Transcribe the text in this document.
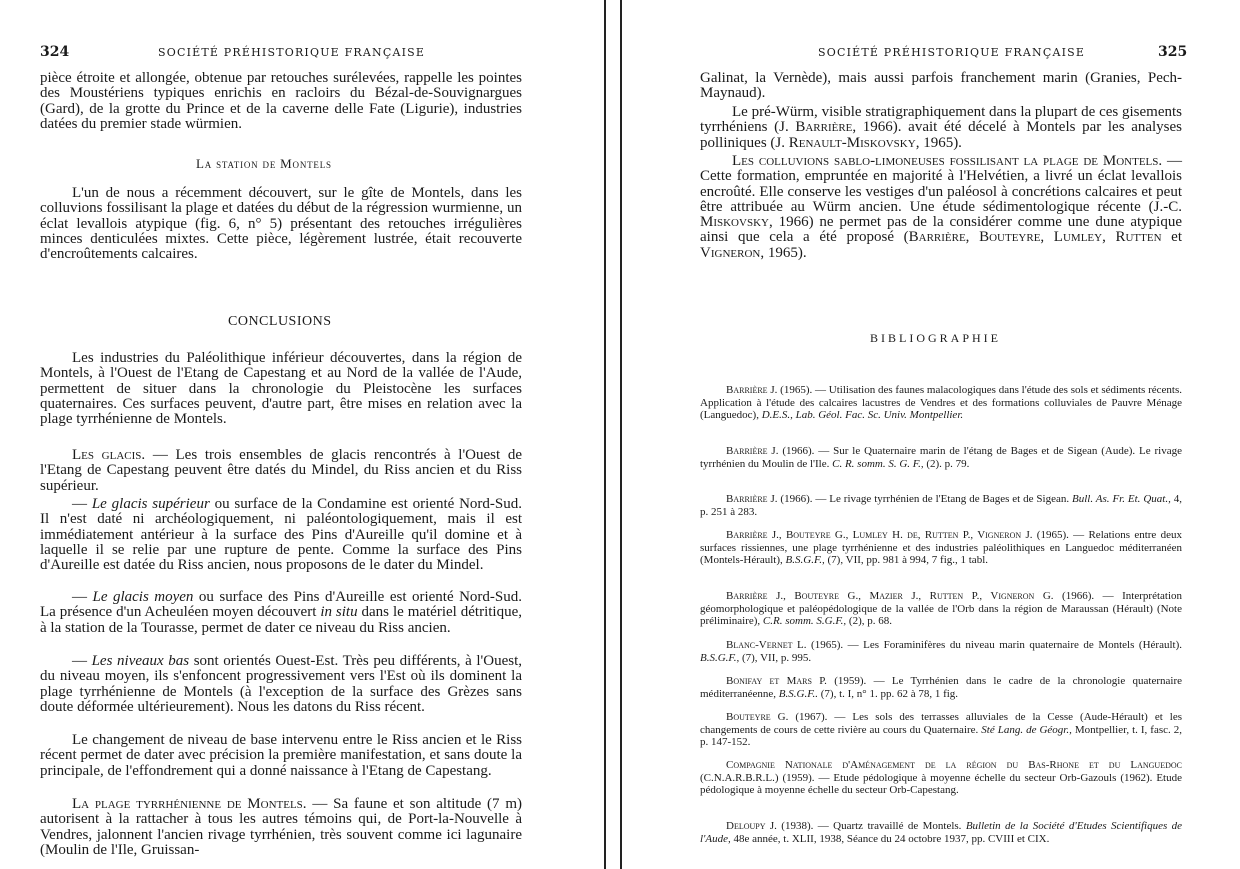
324	SOCIÉTÉ PRÉHISTORIQUE FRANÇAISE

pièce étroite et allongée, obtenue par retouches surélevées, rappelle les pointes des Moustériens typiques enrichis en racloirs du Bézal-de-Souvignargues (Gard), de la grotte du Prince et de la caverne delle Fate (Ligurie), industries datées du premier stade würmien.

La station de Montels

L'un de nous a récemment découvert, sur le gîte de Montels, dans les colluvions fossilisant la plage et datées du début de la régression wurmienne, un éclat levallois atypique (fig. 6, n° 5) présentant des retouches irrégulières minces denticulées mixtes. Cette pièce, légèrement lustrée, était recouverte d'encroûtements calcaires.

CONCLUSIONS

Les industries du Paléolithique inférieur découvertes, dans la région de Montels, à l'Ouest de l'Etang de Capestang et au Nord de la vallée de l'Aude, permettent de situer dans la chronologie du Pleistocène les surfaces quaternaires. Ces surfaces peuvent, d'autre part, être mises en relation avec la plage tyrrhénienne de Montels.

Les glacis. — Les trois ensembles de glacis rencontrés à l'Ouest de l'Etang de Capestang peuvent être datés du Mindel, du Riss ancien et du Riss supérieur.

— Le glacis supérieur ou surface de la Condamine est orienté Nord-Sud. Il n'est daté ni archéologiquement, ni paléontologiquement, mais il est immédiatement antérieur à la surface des Pins d'Aureille qu'il domine et à laquelle il se relie par une rupture de pente. Comme la surface des Pins d'Aureille est datée du Riss ancien, nous proposons de le dater du Mindel.

— Le glacis moyen ou surface des Pins d'Aureille est orienté Nord-Sud. La présence d'un Acheuléen moyen découvert in situ dans le matériel détritique, à la station de la Tourasse, permet de dater ce niveau du Riss ancien.

— Les niveaux bas sont orientés Ouest-Est. Très peu différents, à l'Ouest, du niveau moyen, ils s'enfoncent progressivement vers l'Est où ils dominent la plage tyrrhénienne de Montels (à l'exception de la surface des Grèzes sans doute déformée ultérieurement). Nous les datons du Riss récent.

Le changement de niveau de base intervenu entre le Riss ancien et le Riss récent permet de dater avec précision la première manifestation, et sans doute la principale, de l'effondrement qui a donné naissance à l'Etang de Capestang.

La plage tyrrhénienne de Montels. — Sa faune et son altitude (7 m) autorisent à la rattacher à tous les autres témoins qui, de Port-la-Nouvelle à Vendres, jalonnent l'ancien rivage tyrrhénien, très souvent comme ici lagunaire (Moulin de l'Ile, Gruissan-

SOCIÉTÉ PRÉHISTORIQUE FRANÇAISE	325

Galinat, la Vernède), mais aussi parfois franchement marin (Granies, Pech-Maynaud).

Le pré-Würm, visible stratigraphiquement dans la plupart de ces gisements tyrrhéniens (J. Barrière, 1966). avait été décelé à Montels par les analyses polliniques (J. Renault-Miskovsky, 1965).

Les colluvions sablo-limoneuses fossilisant la plage de Montels. — Cette formation, empruntée en majorité à l'Helvétien, a livré un éclat levallois encroûté. Elle conserve les vestiges d'un paléosol à concrétions calcaires et peut être attribuée au Würm ancien. Une étude sédimentologique récente (J.-C. Miskovsky, 1966) ne permet pas de la considérer comme une dune atypique ainsi que cela a été proposé (Barrière, Bouteyre, Lumley, Rutten et Vigneron, 1965).

BIBLIOGRAPHIE

Barrière J. (1965). — Utilisation des faunes malacologiques dans l'étude des sols et sédiments récents. Application à l'étude des calcaires lacustres de Vendres et des formations colluviales de Pauvre Ménage (Languedoc), D.E.S., Lab. Géol. Fac. Sc. Univ. Montpellier.

Barrière J. (1966). — Sur le Quaternaire marin de l'étang de Bages et de Sigean (Aude). Le rivage tyrrhénien du Moulin de l'Ile. C. R. somm. S. G. F., (2). p. 79.

Barrière J. (1966). — Le rivage tyrrhénien de l'Etang de Bages et de Sigean. Bull. As. Fr. Et. Quat., 4, p. 251 à 283.

Barrière J., Bouteyre G., Lumley H. de, Rutten P., Vigneron J. (1965). — Relations entre deux surfaces rissiennes, une plage tyrrhénienne et des industries paléolithiques en Languedoc méditerranéen (Montels-Hérault), B.S.G.F., (7), VII, pp. 981 à 994, 7 fig., 1 tabl.

Barrière J., Bouteyre G., Mazier J., Rutten P., Vigneron G. (1966). — Interprétation géomorphologique et paléopédologique de la vallée de l'Orb dans la région de Maraussan (Hérault) (Note préliminaire), C.R. somm. S.G.F., (2), p. 68.

Blanc-Vernet L. (1965). — Les Foraminifères du niveau marin quaternaire de Montels (Hérault). B.S.G.F., (7), VII, p. 995.

Bonifay et Mars P. (1959). — Le Tyrrhénien dans le cadre de la chronologie quaternaire méditerranéenne, B.S.G.F.. (7), t. I, n° 1. pp. 62 à 78, 1 fig.

Bouteyre G. (1967). — Les sols des terrasses alluviales de la Cesse (Aude-Hérault) et les changements de cours de cette rivière au cours du Quaternaire. Sté Lang. de Géogr., Montpellier, t. I, fasc. 2, p. 147-152.

Compagnie Nationale d'Aménagement de la région du Bas-Rhone et du Languedoc (C.N.A.R.B.R.L.) (1959). — Etude pédologique à moyenne échelle du secteur Orb-Gazouls (1962). Etude pédologique à moyenne échelle du secteur Orb-Capestang.

Deloupy J. (1938). — Quartz travaillé de Montels. Bulletin de la Société d'Etudes Scientifiques de l'Aude, 48e année, t. XLII, 1938, Séance du 24 octobre 1937, pp. CVIII et CIX.
